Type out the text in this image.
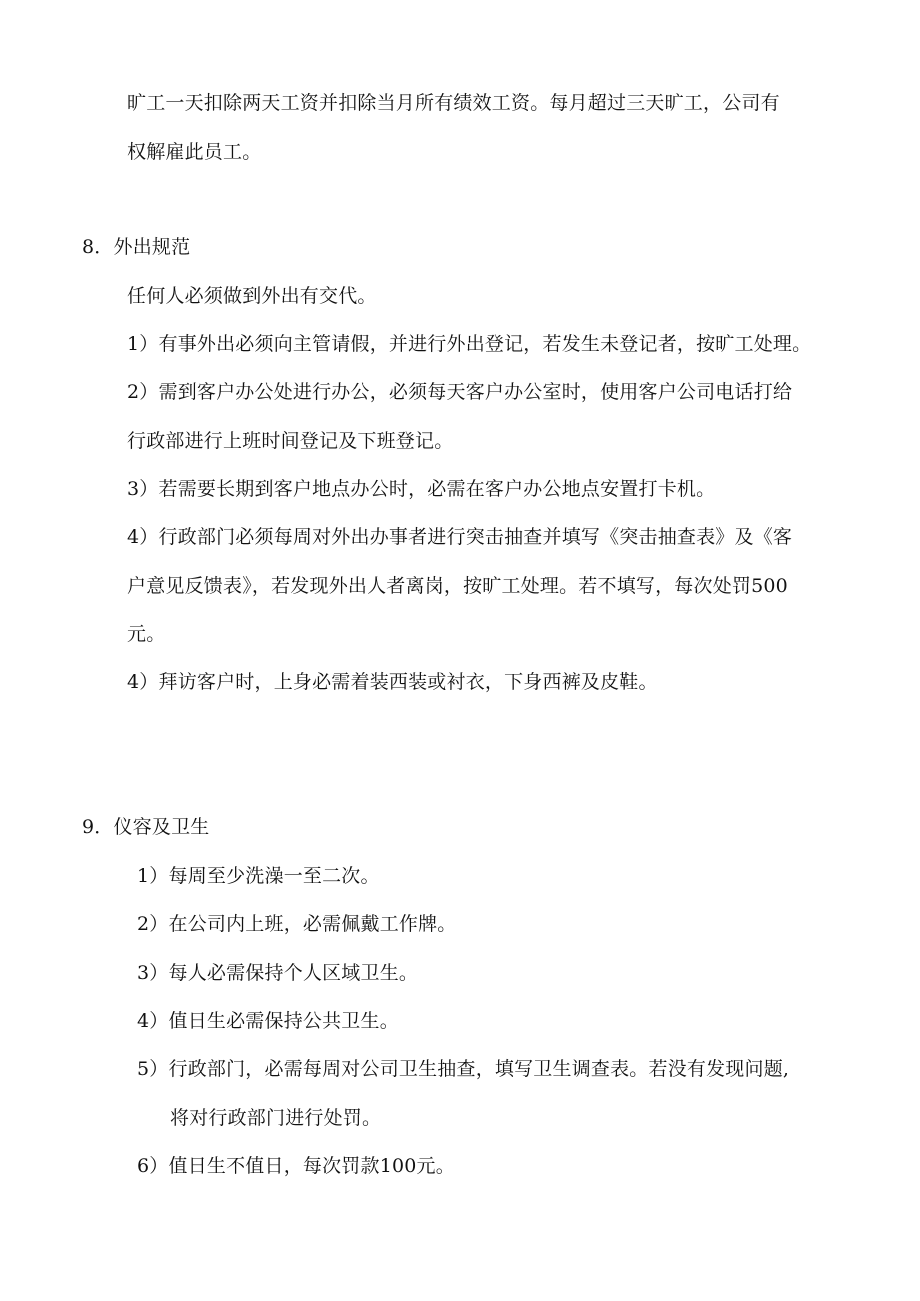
旷工一天扣除两天工资并扣除当月所有绩效工资。每月超过三天旷工，公司有
权解雇此员工。
8．外出规范
任何人必须做到外出有交代。
1）有事外出必须向主管请假，并进行外出登记，若发生未登记者，按旷工处理。
2）需到客户办公处进行办公，必须每天客户办公室时，使用客户公司电话打给
行政部进行上班时间登记及下班登记。
3）若需要长期到客户地点办公时，必需在客户办公地点安置打卡机。
4）行政部门必须每周对外出办事者进行突击抽查并填写《突击抽查表》及《客
户意见反馈表》，若发现外出人者离岗，按旷工处理。若不填写，每次处罚500
元。
4）拜访客户时，上身必需着装西装或衬衣，下身西裤及皮鞋。
9．仪容及卫生
1）每周至少洗澡一至二次。
2）在公司内上班，必需佩戴工作牌。
3）每人必需保持个人区域卫生。
4）值日生必需保持公共卫生。
5）行政部门，必需每周对公司卫生抽查，填写卫生调查表。若没有发现问题,
将对行政部门进行处罚。
6）值日生不值日，每次罚款100元。
